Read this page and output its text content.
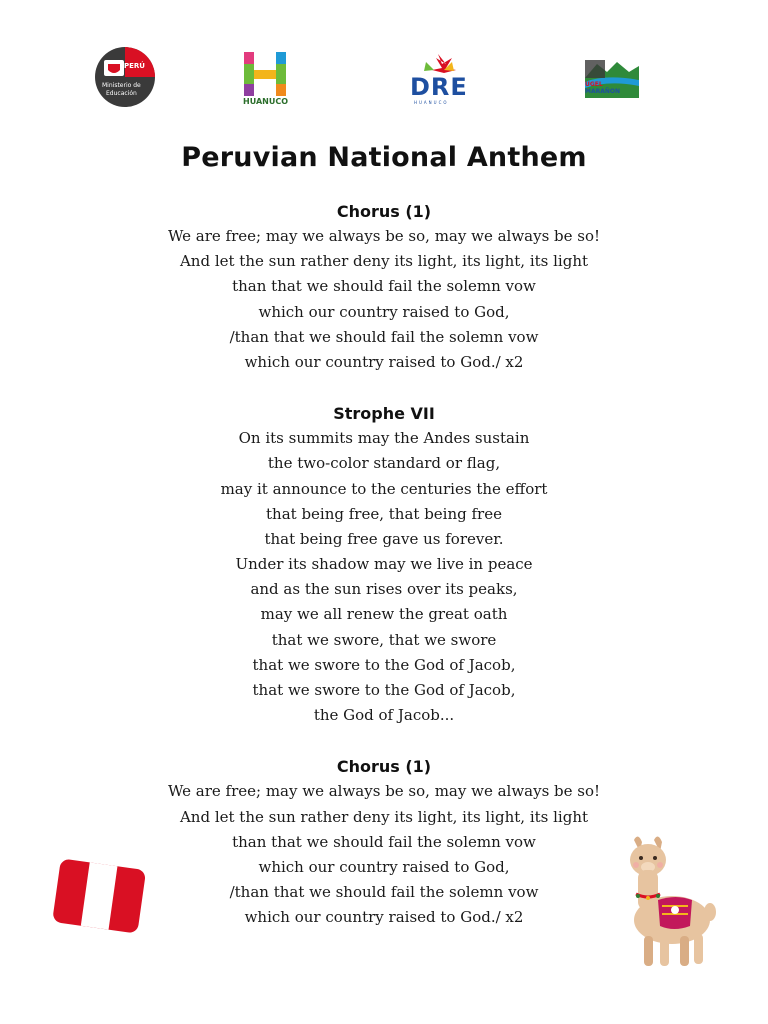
PERÚ
Ministerio de
Educación
HUANUCO
DRE
HUANUCO
UGEL
MARAÑON
Peruvian National Anthem
Chorus (1)
We are free; may we always be so, may we always be so!
And let the sun rather deny its light, its light, its light
than that we should fail the solemn vow
which our country raised to God,
/than that we should fail the solemn vow
which our country raised to God./ x2
Strophe VII
On its summits may the Andes sustain
the two-color standard or flag,
may it announce to the centuries the effort
that being free, that being free
that being free gave us forever.
Under its shadow may we live in peace
and as the sun rises over its peaks,
may we all renew the great oath
that we swore, that we swore
that we swore to the God of Jacob,
that we swore to the God of Jacob,
the God of Jacob...
Chorus (1)
We are free; may we always be so, may we always be so!
And let the sun rather deny its light, its light, its light
than that we should fail the solemn vow
which our country raised to God,
/than that we should fail the solemn vow
which our country raised to God./ x2
